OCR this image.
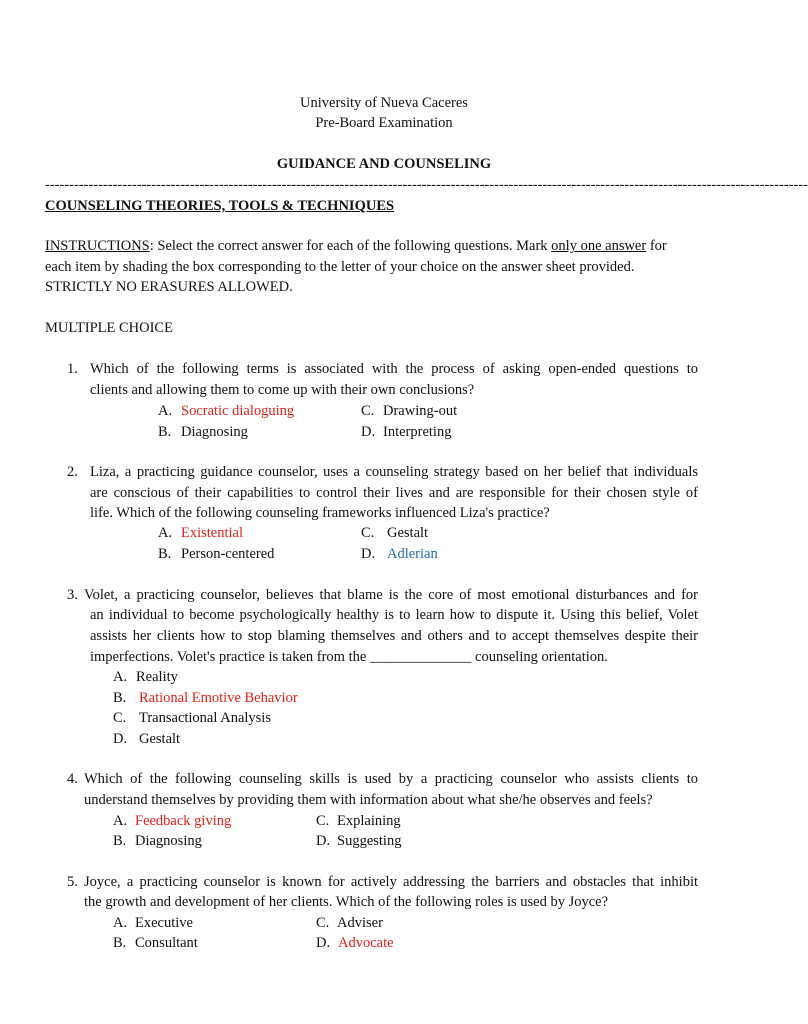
University of Nueva Caceres
Pre-Board Examination
GUIDANCE AND COUNSELING
--------------------------------------------------------------------------------------------------------------------------------------------------------------
COUNSELING THEORIES, TOOLS & TECHNIQUES
INSTRUCTIONS: Select the correct answer for each of the following questions. Mark only one answer for
each item by shading the box corresponding to the letter of your choice on the answer sheet provided.
STRICTLY NO ERASURES ALLOWED.
MULTIPLE CHOICE
1. Which of the following terms is associated with the process of asking open-ended questions to
clients and allowing them to come up with their own conclusions?
A. Socratic dialoguing	C. Drawing-out
B. Diagnosing	D. Interpreting
2. Liza, a practicing guidance counselor, uses a counseling strategy based on her belief that individuals
are conscious of their capabilities to control their lives and are responsible for their chosen style of
life. Which of the following counseling frameworks influenced Liza's practice?
A. Existential	C. Gestalt
B. Person-centered	D. Adlerian
3. Volet, a practicing counselor, believes that blame is the core of most emotional disturbances and for
an individual to become psychologically healthy is to learn how to dispute it. Using this belief, Volet
assists her clients how to stop blaming themselves and others and to accept themselves despite their
imperfections. Volet's practice is taken from the ______________ counseling orientation.
A. Reality
B. Rational Emotive Behavior
C. Transactional Analysis
D. Gestalt
4. Which of the following counseling skills is used by a practicing counselor who assists clients to
understand themselves by providing them with information about what she/he observes and feels?
A. Feedback giving	C. Explaining
B. Diagnosing	D. Suggesting
5. Joyce, a practicing counselor is known for actively addressing the barriers and obstacles that inhibit
the growth and development of her clients. Which of the following roles is used by Joyce?
A. Executive	C. Adviser
B. Consultant	D. Advocate
